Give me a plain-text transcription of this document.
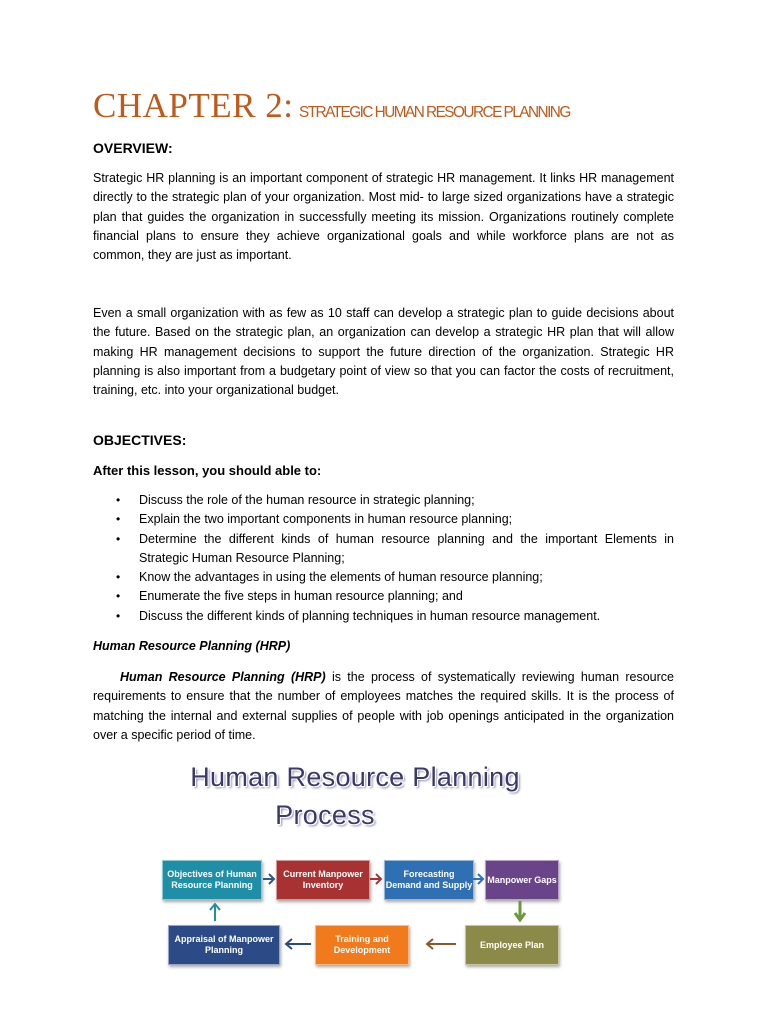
CHAPTER 2: STRATEGIC HUMAN RESOURCE PLANNING
OVERVIEW:
Strategic HR planning is an important component of strategic HR management. It links HR management directly to the strategic plan of your organization. Most mid- to large sized organizations have a strategic plan that guides the organization in successfully meeting its mission. Organizations routinely complete financial plans to ensure they achieve organizational goals and while workforce plans are not as common, they are just as important.
Even a small organization with as few as 10 staff can develop a strategic plan to guide decisions about the future. Based on the strategic plan, an organization can develop a strategic HR plan that will allow making HR management decisions to support the future direction of the organization. Strategic HR planning is also important from a budgetary point of view so that you can factor the costs of recruitment, training, etc. into your organizational budget.
OBJECTIVES:
After this lesson, you should able to:
• Discuss the role of the human resource in strategic planning;
• Explain the two important components in human resource planning;
• Determine the different kinds of human resource planning and the important Elements in Strategic Human Resource Planning;
• Know the advantages in using the elements of human resource planning;
• Enumerate the five steps in human resource planning; and
• Discuss the different kinds of planning techniques in human resource management.
Human Resource Planning (HRP)
Human Resource Planning (HRP) is the process of systematically reviewing human resource requirements to ensure that the number of employees matches the required skills. It is the process of matching the internal and external supplies of people with job openings anticipated in the organization over a specific period of time.
Human Resource Planning
Process
Objectives of Human Resource Planning
Current Manpower Inventory
Forecasting Demand and Supply
Manpower Gaps
Appraisal of Manpower Planning
Training and Development
Employee Plan
